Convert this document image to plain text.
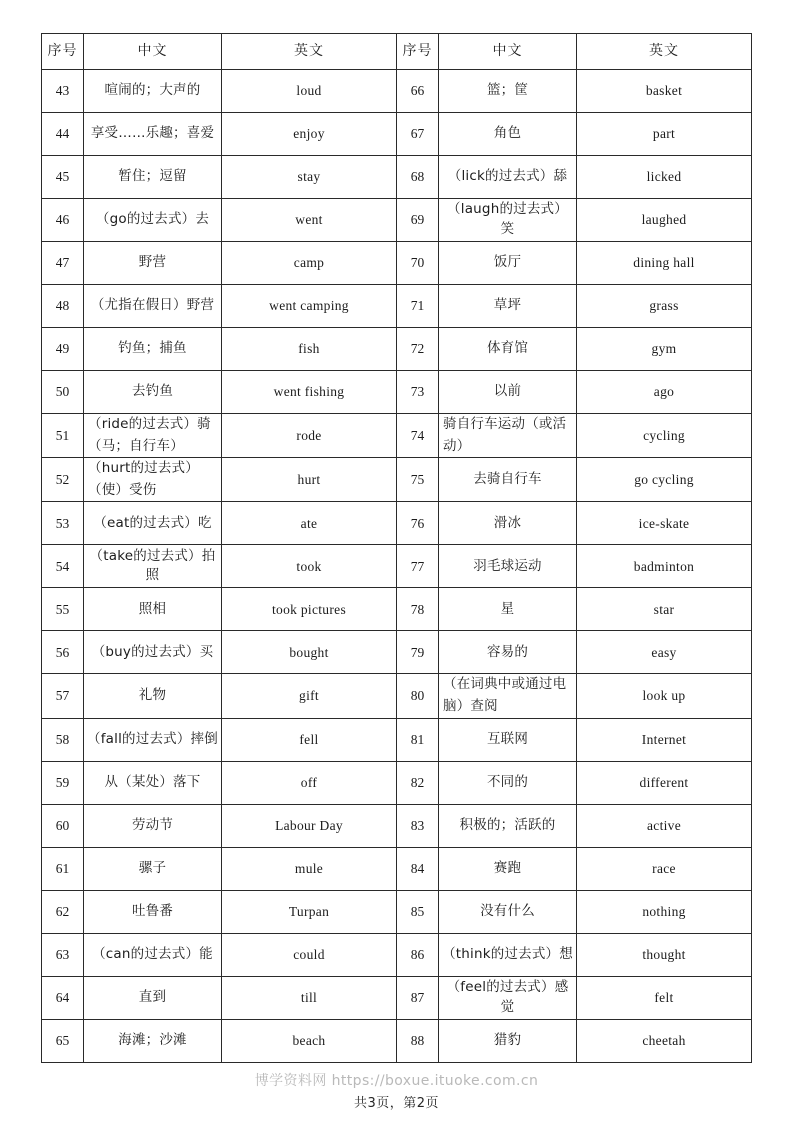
序号	中文	英文	序号	中文	英文
43	喧闹的；大声的	loud	66	篮；筐	basket
44	享受……乐趣；喜爱	enjoy	67	角色	part
45	暂住；逗留	stay	68	（lick的过去式）舔	licked
46	（go的过去式）去	went	69	（laugh的过去式）笑	laughed
47	野营	camp	70	饭厅	dining hall
48	（尤指在假日）野营	went camping	71	草坪	grass
49	钓鱼；捕鱼	fish	72	体育馆	gym
50	去钓鱼	went fishing	73	以前	ago
51	（ride的过去式）骑（马；自行车）	rode	74	骑自行车运动（或活动）	cycling
52	（hurt的过去式）（使）受伤	hurt	75	去骑自行车	go cycling
53	（eat的过去式）吃	ate	76	滑冰	ice-skate
54	（take的过去式）拍照	took	77	羽毛球运动	badminton
55	照相	took pictures	78	星	star
56	（buy的过去式）买	bought	79	容易的	easy
57	礼物	gift	80	（在词典中或通过电脑）查阅	look up
58	（fall的过去式）摔倒	fell	81	互联网	Internet
59	从（某处）落下	off	82	不同的	different
60	劳动节	Labour Day	83	积极的；活跃的	active
61	骡子	mule	84	赛跑	race
62	吐鲁番	Turpan	85	没有什么	nothing
63	（can的过去式）能	could	86	（think的过去式）想	thought
64	直到	till	87	（feel的过去式）感觉	felt
65	海滩；沙滩	beach	88	猎豹	cheetah
博学资料网 https://boxue.ituoke.com.cn
共3页，第2页
